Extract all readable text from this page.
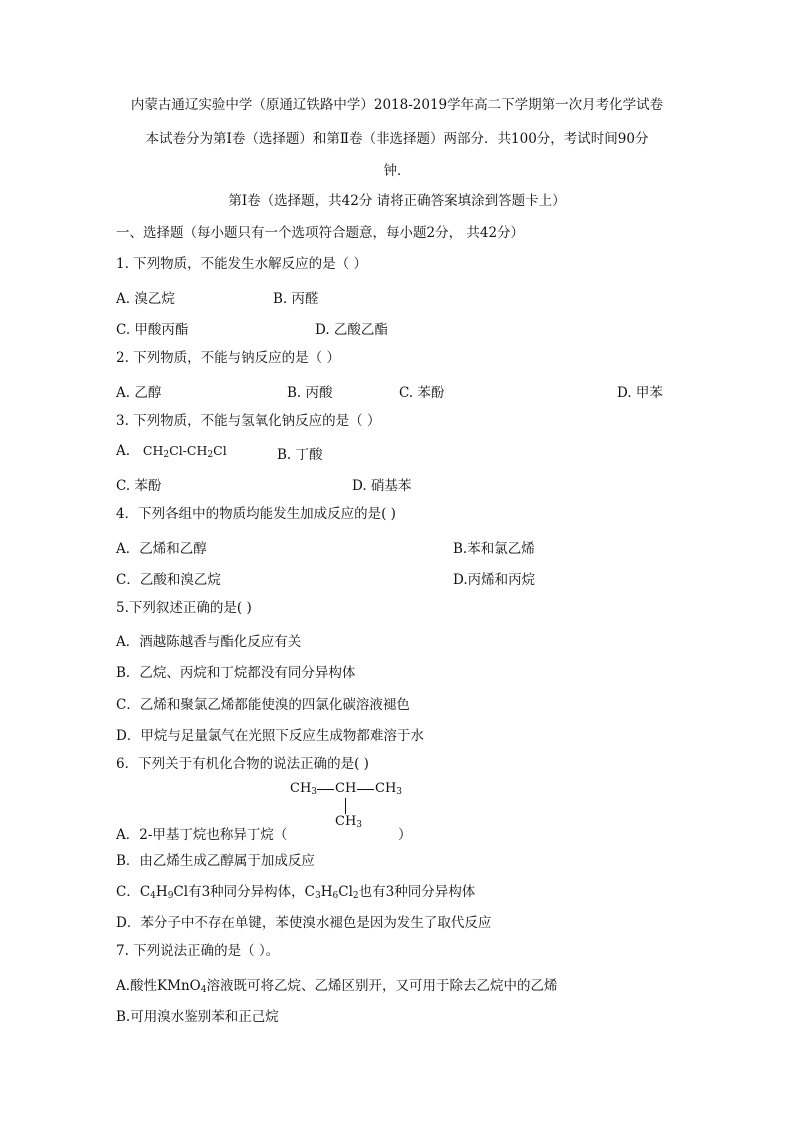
内蒙古通辽实验中学（原通辽铁路中学）2018-2019学年高二下学期第一次月考化学试卷
本试卷分为第Ⅰ卷（选择题）和第Ⅱ卷（非选择题）两部分．共100分，考试时间90分
钟．
第Ⅰ卷（选择题，共42分 请将正确答案填涂到答题卡上）
一、选择题（每小题只有一个选项符合题意，每小题2分， 共42分）
1. 下列物质，不能发生水解反应的是（ ）
A. 溴乙烷	B. 丙醛
C. 甲酸丙酯	D. 乙酸乙酯
2. 下列物质，不能与钠反应的是（ ）
A. 乙醇	B. 丙酸	C. 苯酚	D. 甲苯
3. 下列物质，不能与氢氧化钠反应的是（ ）
A. $CH_2Cl-CH_2Cl$	B. 丁酸
C. 苯酚	D. 硝基苯
4．下列各组中的物质均能发生加成反应的是( )
A．乙烯和乙醇	B.苯和氯乙烯
C．乙酸和溴乙烷	D.丙烯和丙烷
5.下列叙述正确的是( )
A．酒越陈越香与酯化反应有关
B．乙烷、丙烷和丁烷都没有同分异构体
C．乙烯和聚氯乙烯都能使溴的四氯化碳溶液褪色
D．甲烷与足量氯气在光照下反应生成物都难溶于水
6．下列关于有机化合物的说法正确的是( )
$CH_3$ CH $CH_3$
$CH_3$
A．2-甲基丁烷也称异丁烷（	）
B．由乙烯生成乙醇属于加成反应
C．$C_4H_9Cl$有3种同分异构体，$C_3H_6Cl_2$也有3种同分异构体
D．苯分子中不存在单键，苯使溴水褪色是因为发生了取代反应
7. 下列说法正确的是（ ）。
A.酸性KMnO$_4$溶液既可将乙烷、乙烯区别开，又可用于除去乙烷中的乙烯
B.可用溴水鉴别苯和正己烷
